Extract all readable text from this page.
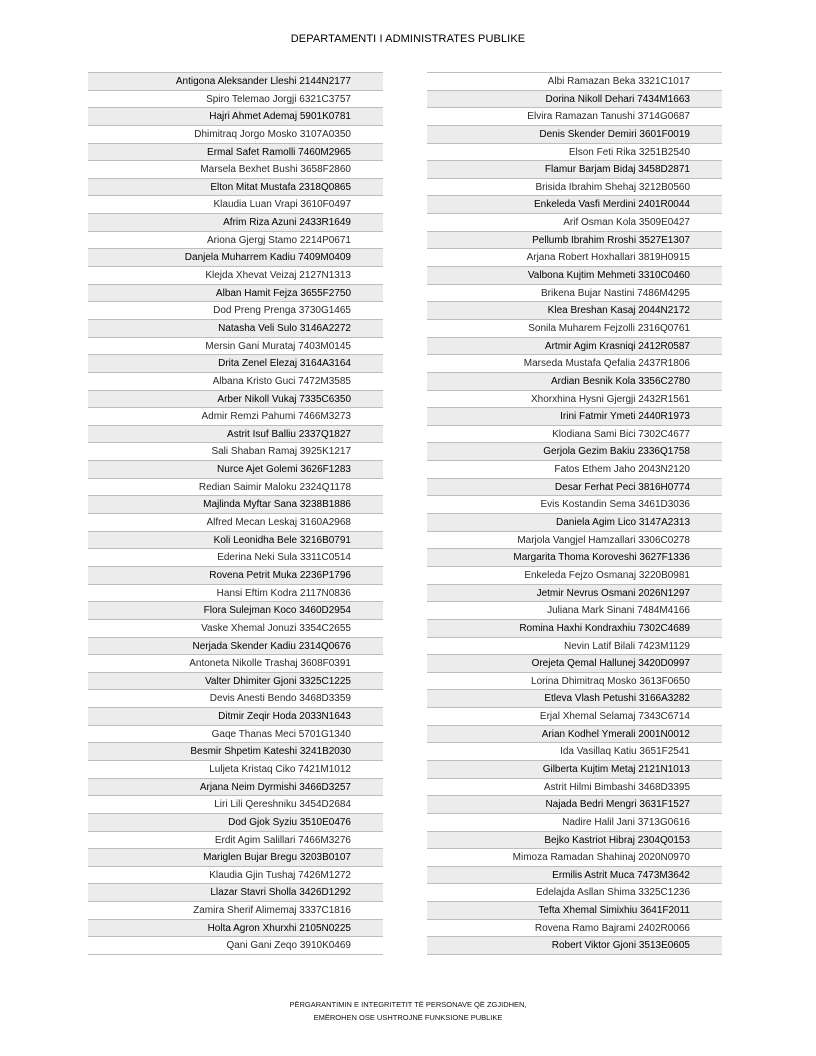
DEPARTAMENTI I ADMINISTRATES PUBLIKE
Antigona Aleksander Lleshi 2144N2177
Spiro Telemao Jorgji 6321C3757
Hajri Ahmet Ademaj 5901K0781
Dhimitraq Jorgo Mosko 3107A0350
Ermal Safet Ramolli 7460M2965
Marsela Bexhet Bushi 3658F2860
Elton Mitat Mustafa 2318Q0865
Klaudia Luan Vrapi 3610F0497
Afrim Riza Azuni 2433R1649
Ariona Gjergj Stamo 2214P0671
Danjela Muharrem Kadiu 7409M0409
Klejda Xhevat Veizaj 2127N1313
Alban Hamit Fejza 3655F2750
Dod Preng Prenga 3730G1465
Natasha Veli Sulo 3146A2272
Mersin Gani Murataj 7403M0145
Drita Zenel Elezaj 3164A3164
Albana Kristo Guci 7472M3585
Arber Nikoll Vukaj 7335C6350
Admir Remzi Pahumi 7466M3273
Astrit Isuf Balliu 2337Q1827
Sali Shaban Ramaj 3925K1217
Nurce Ajet Golemi 3626F1283
Redian Saimir Maloku 2324Q1178
Majlinda Myftar Sana 3238B1886
Alfred Mecan Leskaj 3160A2968
Koli Leonidha Bele 3216B0791
Ederina Neki Sula 3311C0514
Rovena Petrit Muka 2236P1796
Hansi Eftim Kodra 2117N0836
Flora Sulejman Koco 3460D2954
Vaske Xhemal Jonuzi 3354C2655
Nerjada Skender Kadiu 2314Q0676
Antoneta Nikolle Trashaj 3608F0391
Valter Dhimiter Gjoni 3325C1225
Devis Anesti Bendo 3468D3359
Ditmir Zeqir Hoda 2033N1643
Gaqe Thanas Meci 5701G1340
Besmir Shpetim Kateshi 3241B2030
Luljeta Kristaq Ciko 7421M1012
Arjana Neim Dyrmishi 3466D3257
Liri Lili Qereshniku 3454D2684
Dod Gjok Syziu 3510E0476
Erdit Agim Salillari 7466M3276
Mariglen Bujar Bregu 3203B0107
Klaudia Gjin Tushaj 7426M1272
Llazar Stavri Sholla 3426D1292
Zamira Sherif Alimemaj 3337C1816
Holta Agron Xhurxhi 2105N0225
Qani Gani Zeqo 3910K0469
Albi Ramazan Beka 3321C1017
Dorina Nikoll Dehari 7434M1663
Elvira Ramazan Tanushi 3714G0687
Denis Skender Demiri 3601F0019
Elson Feti Rika 3251B2540
Flamur Barjam Bidaj 3458D2871
Brisida Ibrahim Shehaj 3212B0560
Enkeleda Vasfi Merdini 2401R0044
Arif Osman Kola 3509E0427
Pellumb Ibrahim Rroshi 3527E1307
Arjana Robert Hoxhallari 3819H0915
Valbona Kujtim Mehmeti 3310C0460
Brikena Bujar Nastini 7486M4295
Klea Breshan Kasaj 2044N2172
Sonila Muharem Fejzolli 2316Q0761
Artmir Agim Krasniqi 2412R0587
Marseda Mustafa Qefalia 2437R1806
Ardian Besnik Kola 3356C2780
Xhorxhina Hysni Gjergji 2432R1561
Irini Fatmir Ymeti 2440R1973
Klodiana Sami Bici 7302C4677
Gerjola Gezim Bakiu 2336Q1758
Fatos Ethem Jaho 2043N2120
Desar Ferhat Peci 3816H0774
Evis Kostandin Sema 3461D3036
Daniela Agim Lico 3147A2313
Marjola Vangjel Hamzallari 3306C0278
Margarita Thoma Koroveshi 3627F1336
Enkeleda Fejzo Osmanaj 3220B0981
Jetmir Nevrus Osmani 2026N1297
Juliana Mark Sinani 7484M4166
Romina Haxhi Kondraxhiu 7302C4689
Nevin Latif Bilali 7423M1129
Orejeta Qemal Hallunej 3420D0997
Lorina Dhimitraq Mosko 3613F0650
Etleva Vlash Petushi 3166A3282
Erjal Xhemal Selamaj 7343C6714
Arian Kodhel Ymerali 2001N0012
Ida Vasillaq Katiu 3651F2541
Gilberta Kujtim Metaj 2121N1013
Astrit Hilmi Bimbashi 3468D3395
Najada Bedri Mengri 3631F1527
Nadire Halil Jani 3713G0616
Bejko Kastriot Hibraj 2304Q0153
Mimoza Ramadan Shahinaj 2020N0970
Ermilis Astrit Muca 7473M3642
Edelajda Asllan Shima 3325C1236
Tefta Xhemal Simixhiu 3641F2011
Rovena Ramo Bajrami 2402R0066
Robert Viktor Gjoni 3513E0605
PËRGARANTIMIN E INTEGRITETIT TË PERSONAVE QË ZGJIDHEN,
EMËROHEN OSE USHTROJNË FUNKSIONE PUBLIKE
